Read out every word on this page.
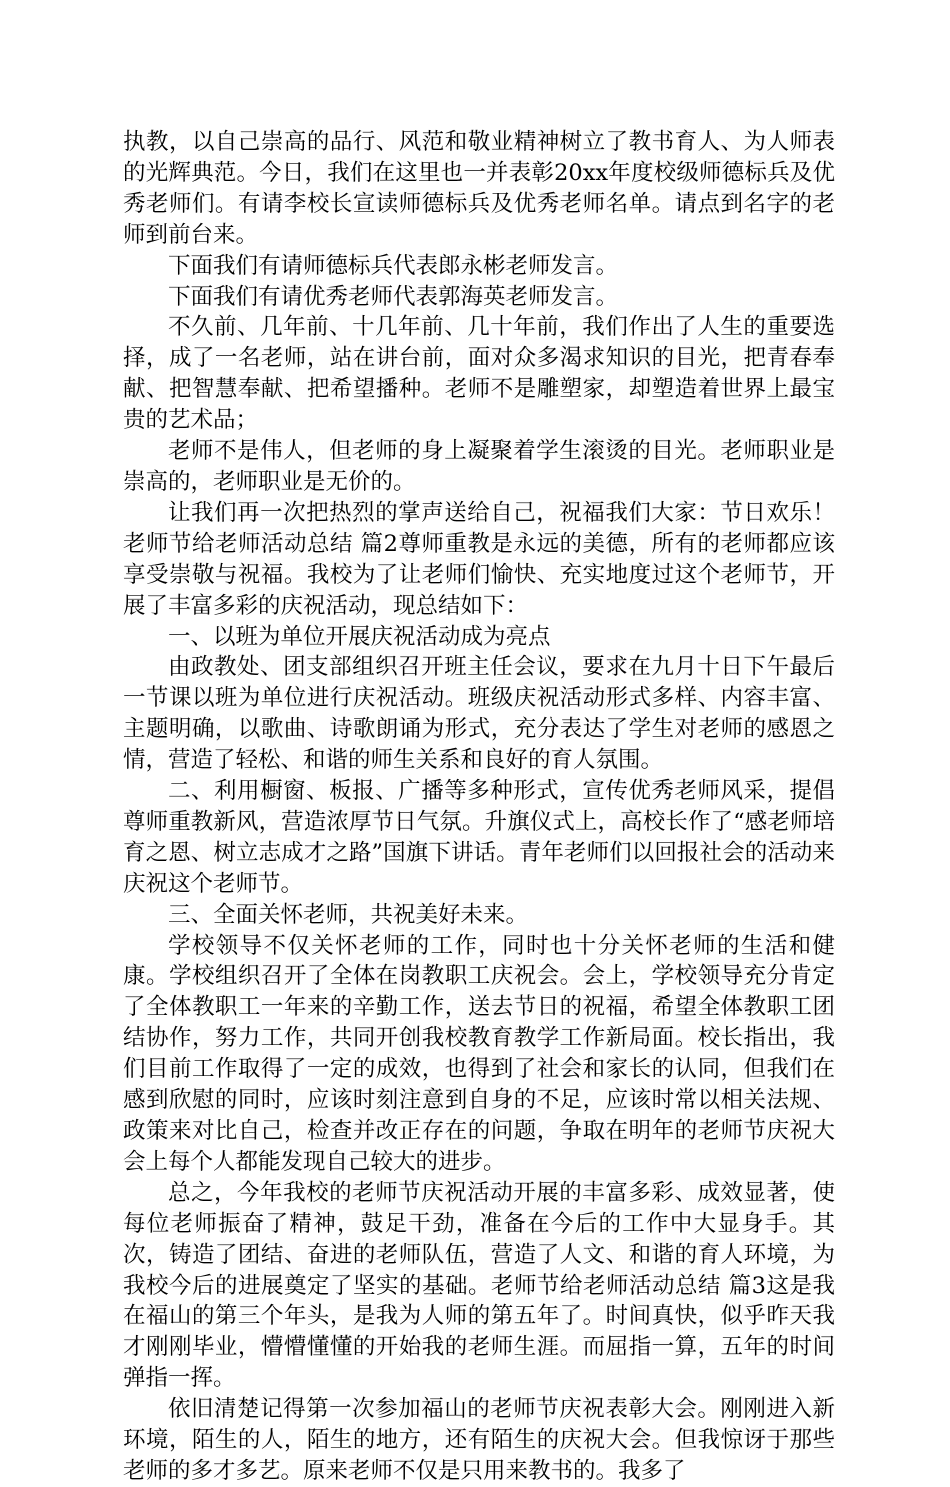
执教，以自己崇高的品行、风范和敬业精神树立了教书育人、为人师表的光辉典范。今日，我们在这里也一并表彰20xx年度校级师德标兵及优秀老师们。有请李校长宣读师德标兵及优秀老师名单。请点到名字的老师到前台来。

下面我们有请师德标兵代表郎永彬老师发言。

下面我们有请优秀老师代表郭海英老师发言。

不久前、几年前、十几年前、几十年前，我们作出了人生的重要选择，成了一名老师，站在讲台前，面对众多渴求知识的目光，把青春奉献、把智慧奉献、把希望播种。老师不是雕塑家，却塑造着世界上最宝贵的艺术品；

老师不是伟人，但老师的身上凝聚着学生滚烫的目光。老师职业是崇高的，老师职业是无价的。

让我们再一次把热烈的掌声送给自己，祝福我们大家：节日欢乐！老师节给老师活动总结 篇2尊师重教是永远的美德，所有的老师都应该享受崇敬与祝福。我校为了让老师们愉快、充实地度过这个老师节，开展了丰富多彩的庆祝活动，现总结如下：

一、以班为单位开展庆祝活动成为亮点

由政教处、团支部组织召开班主任会议，要求在九月十日下午最后一节课以班为单位进行庆祝活动。班级庆祝活动形式多样、内容丰富、主题明确，以歌曲、诗歌朗诵为形式，充分表达了学生对老师的感恩之情，营造了轻松、和谐的师生关系和良好的育人氛围。

二、利用橱窗、板报、广播等多种形式，宣传优秀老师风采，提倡尊师重教新风，营造浓厚节日气氛。升旗仪式上，高校长作了“感老师培育之恩、树立志成才之路”国旗下讲话。青年老师们以回报社会的活动来庆祝这个老师节。

三、全面关怀老师，共祝美好未来。

学校领导不仅关怀老师的工作，同时也十分关怀老师的生活和健康。学校组织召开了全体在岗教职工庆祝会。会上，学校领导充分肯定了全体教职工一年来的辛勤工作，送去节日的祝福，希望全体教职工团结协作，努力工作，共同开创我校教育教学工作新局面。校长指出，我们目前工作取得了一定的成效，也得到了社会和家长的认同，但我们在感到欣慰的同时，应该时刻注意到自身的不足，应该时常以相关法规、政策来对比自己，检查并改正存在的问题，争取在明年的老师节庆祝大会上每个人都能发现自己较大的进步。

总之，今年我校的老师节庆祝活动开展的丰富多彩、成效显著，使每位老师振奋了精神，鼓足干劲，准备在今后的工作中大显身手。其次，铸造了团结、奋进的老师队伍，营造了人文、和谐的育人环境，为我校今后的进展奠定了坚实的基础。老师节给老师活动总结 篇3这是我在福山的第三个年头，是我为人师的第五年了。时间真快，似乎昨天我才刚刚毕业，懵懵懂懂的开始我的老师生涯。而屈指一算，五年的时间弹指一挥。

依旧清楚记得第一次参加福山的老师节庆祝表彰大会。刚刚进入新环境，陌生的人，陌生的地方，还有陌生的庆祝大会。但我惊讶于那些老师的多才多艺。原来老师不仅是只用来教书的。我多了
